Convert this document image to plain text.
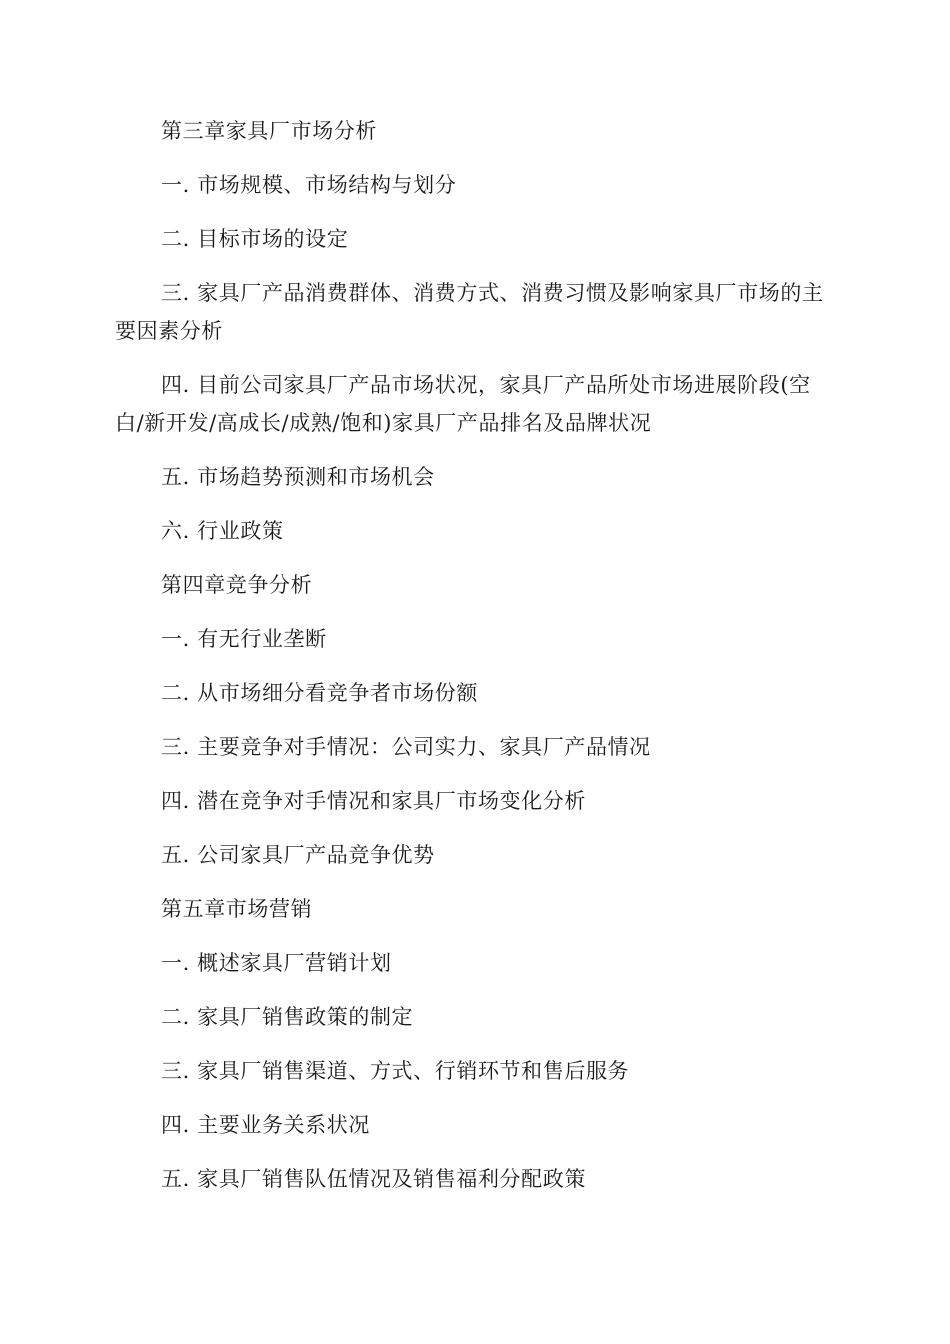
第三章家具厂市场分析

一. 市场规模、市场结构与划分

二. 目标市场的设定

三. 家具厂产品消费群体、消费方式、消费习惯及影响家具厂市场的主要因素分析

四. 目前公司家具厂产品市场状况，家具厂产品所处市场进展阶段(空白/新开发/高成长/成熟/饱和)家具厂产品排名及品牌状况

五. 市场趋势预测和市场机会

六. 行业政策

第四章竞争分析

一. 有无行业垄断

二. 从市场细分看竞争者市场份额

三. 主要竞争对手情况：公司实力、家具厂产品情况

四. 潜在竞争对手情况和家具厂市场变化分析

五. 公司家具厂产品竞争优势

第五章市场营销

一. 概述家具厂营销计划

二. 家具厂销售政策的制定

三. 家具厂销售渠道、方式、行销环节和售后服务

四. 主要业务关系状况

五. 家具厂销售队伍情况及销售福利分配政策
